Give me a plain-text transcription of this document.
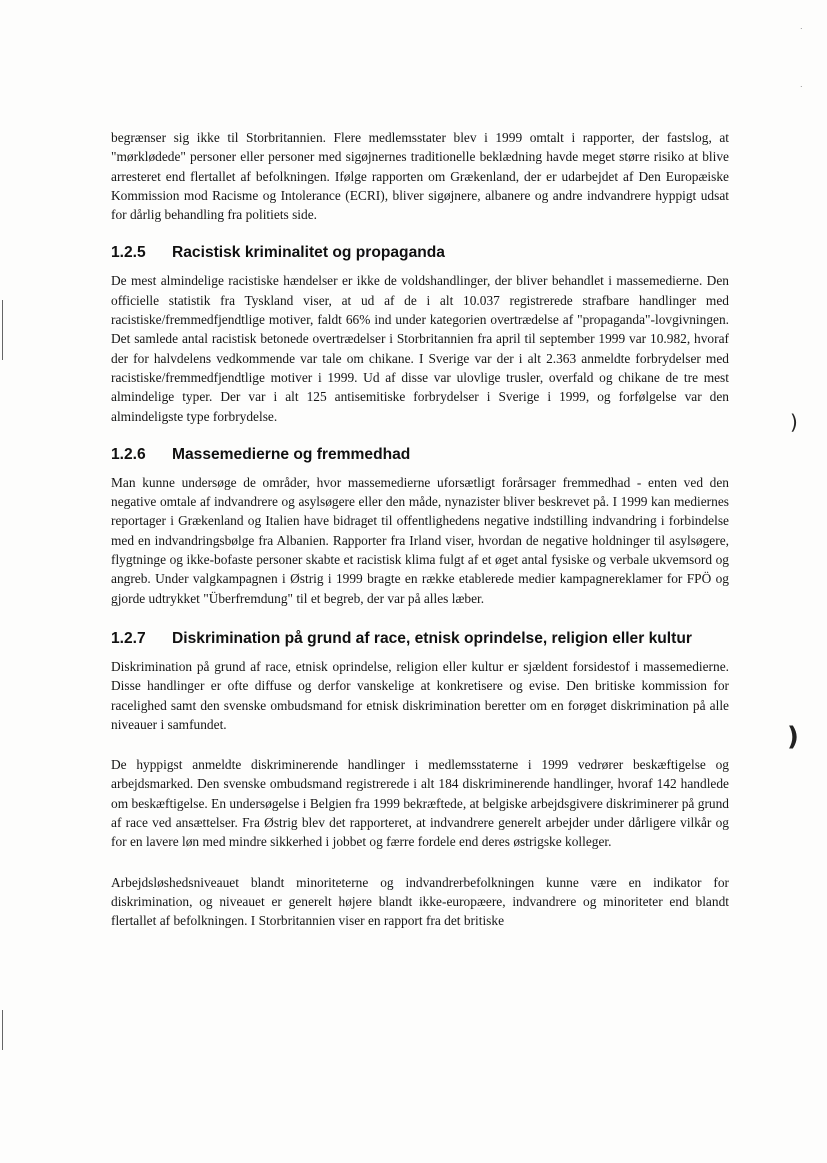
.
.
)
)

begrænser sig ikke til Storbritannien. Flere medlemsstater blev i 1999 omtalt i rapporter, der fastslog, at "mørklødede" personer eller personer med sigøjnernes traditionelle beklædning havde meget større risiko at blive arresteret end flertallet af befolkningen. Ifølge rapporten om Grækenland, der er udarbejdet af Den Europæiske Kommission mod Racisme og Intolerance (ECRI), bliver sigøjnere, albanere og andre indvandrere hyppigt udsat for dårlig behandling fra politiets side.

1.2.5	Racistisk kriminalitet og propaganda

De mest almindelige racistiske hændelser er ikke de voldshandlinger, der bliver behandlet i massemedierne. Den officielle statistik fra Tyskland viser, at ud af de i alt 10.037 registrerede strafbare handlinger med racistiske/fremmedfjendtlige motiver, faldt 66% ind under kategorien overtrædelse af "propaganda"-lovgivningen. Det samlede antal racistisk betonede overtrædelser i Storbritannien fra april til september 1999 var 10.982, hvoraf der for halvdelens vedkommende var tale om chikane. I Sverige var der i alt 2.363 anmeldte forbrydelser med racistiske/fremmedfjendtlige motiver i 1999. Ud af disse var ulovlige trusler, overfald og chikane de tre mest almindelige typer. Der var i alt 125 antisemitiske forbrydelser i Sverige i 1999, og forfølgelse var den almindeligste type forbrydelse.

1.2.6	Massemedierne og fremmedhad

Man kunne undersøge de områder, hvor massemedierne uforsætligt forårsager fremmedhad - enten ved den negative omtale af indvandrere og asylsøgere eller den måde, nynazister bliver beskrevet på. I 1999 kan mediernes reportager i Grækenland og Italien have bidraget til offentlighedens negative indstilling indvandring i forbindelse med en indvandringsbølge fra Albanien. Rapporter fra Irland viser, hvordan de negative holdninger til asylsøgere, flygtninge og ikke-bofaste personer skabte et racistisk klima fulgt af et øget antal fysiske og verbale ukvemsord og angreb. Under valgkampagnen i Østrig i 1999 bragte en række etablerede medier kampagnereklamer for FPÖ og gjorde udtrykket "Überfremdung" til et begreb, der var på alles læber.

1.2.7 Diskrimination på grund af race, etnisk oprindelse, religion eller kultur

Diskrimination på grund af race, etnisk oprindelse, religion eller kultur er sjældent forsidestof i massemedierne. Disse handlinger er ofte diffuse og derfor vanskelige at konkretisere og evise. Den britiske kommission for racelighed samt den svenske ombudsmand for etnisk diskrimination beretter om en forøget diskrimination på alle niveauer i samfundet.

De hyppigst anmeldte diskriminerende handlinger i medlemsstaterne i 1999 vedrører beskæftigelse og arbejdsmarked. Den svenske ombudsmand registrerede i alt 184 diskriminerende handlinger, hvoraf 142 handlede om beskæftigelse. En undersøgelse i Belgien fra 1999 bekræftede, at belgiske arbejdsgivere diskriminerer på grund af race ved ansættelser. Fra Østrig blev det rapporteret, at indvandrere generelt arbejder under dårligere vilkår og for en lavere løn med mindre sikkerhed i jobbet og færre fordele end deres østrigske kolleger.

Arbejdsløshedsniveauet blandt minoriteterne og indvandrerbefolkningen kunne være en indikator for diskrimination, og niveauet er generelt højere blandt ikke-europæere, indvandrere og minoriteter end blandt flertallet af befolkningen. I Storbritannien viser en rapport fra det britiske
